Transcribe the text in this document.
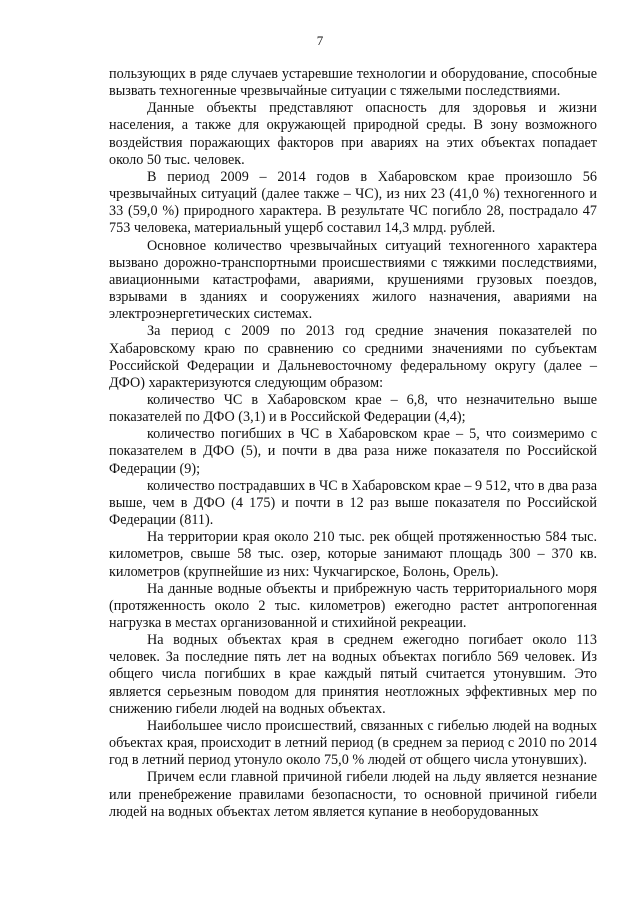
7

пользующих в ряде случаев устаревшие технологии и оборудование, способные вызвать техногенные чрезвычайные ситуации с тяжелыми последствиями.

Данные объекты представляют опасность для здоровья и жизни населения, а также для окружающей природной среды. В зону возможного воздействия поражающих факторов при авариях на этих объектах попадает около 50 тыс. человек.

В период 2009 – 2014 годов в Хабаровском крае произошло 56 чрезвычайных ситуаций (далее также – ЧС), из них 23 (41,0 %) техногенного и 33 (59,0 %) природного характера. В результате ЧС погибло 28, пострадало 47 753 человека, материальный ущерб составил 14,3 млрд. рублей.

Основное количество чрезвычайных ситуаций техногенного характера вызвано дорожно-транспортными происшествиями с тяжкими последствиями, авиационными катастрофами, авариями, крушениями грузовых поездов, взрывами в зданиях и сооружениях жилого назначения, авариями на электроэнергетических системах.

За период с 2009 по 2013 год средние значения показателей по Хабаровскому краю по сравнению со средними значениями по субъектам Российской Федерации и Дальневосточному федеральному округу (далее – ДФО) характеризуются следующим образом:

количество ЧС в Хабаровском крае – 6,8, что незначительно выше показателей по ДФО (3,1) и в Российской Федерации (4,4);

количество погибших в ЧС в Хабаровском крае – 5, что соизмеримо с показателем в ДФО (5), и почти в два раза ниже показателя по Российской Федерации (9);

количество пострадавших в ЧС в Хабаровском крае – 9 512, что в два раза выше, чем в ДФО (4 175) и почти в 12 раз выше показателя по Российской Федерации (811).

На территории края около 210 тыс. рек общей протяженностью 584 тыс. километров, свыше 58 тыс. озер, которые занимают площадь 300 – 370 кв. километров (крупнейшие из них: Чукчагирское, Болонь, Орель).

На данные водные объекты и прибрежную часть территориального моря (протяженность около 2 тыс. километров) ежегодно растет антропогенная нагрузка в местах организованной и стихийной рекреации.

На водных объектах края в среднем ежегодно погибает около 113 человек. За последние пять лет на водных объектах погибло 569 человек. Из общего числа погибших в крае каждый пятый считается утонувшим. Это является серьезным поводом для принятия неотложных эффективных мер по снижению гибели людей на водных объектах.

Наибольшее число происшествий, связанных с гибелью людей на водных объектах края, происходит в летний период (в среднем за период с 2010 по 2014 год в летний период утонуло около 75,0 % людей от общего числа утонувших).

Причем если главной причиной гибели людей на льду является незнание или пренебрежение правилами безопасности, то основной причиной гибели людей на водных объектах летом является купание в необорудованных
